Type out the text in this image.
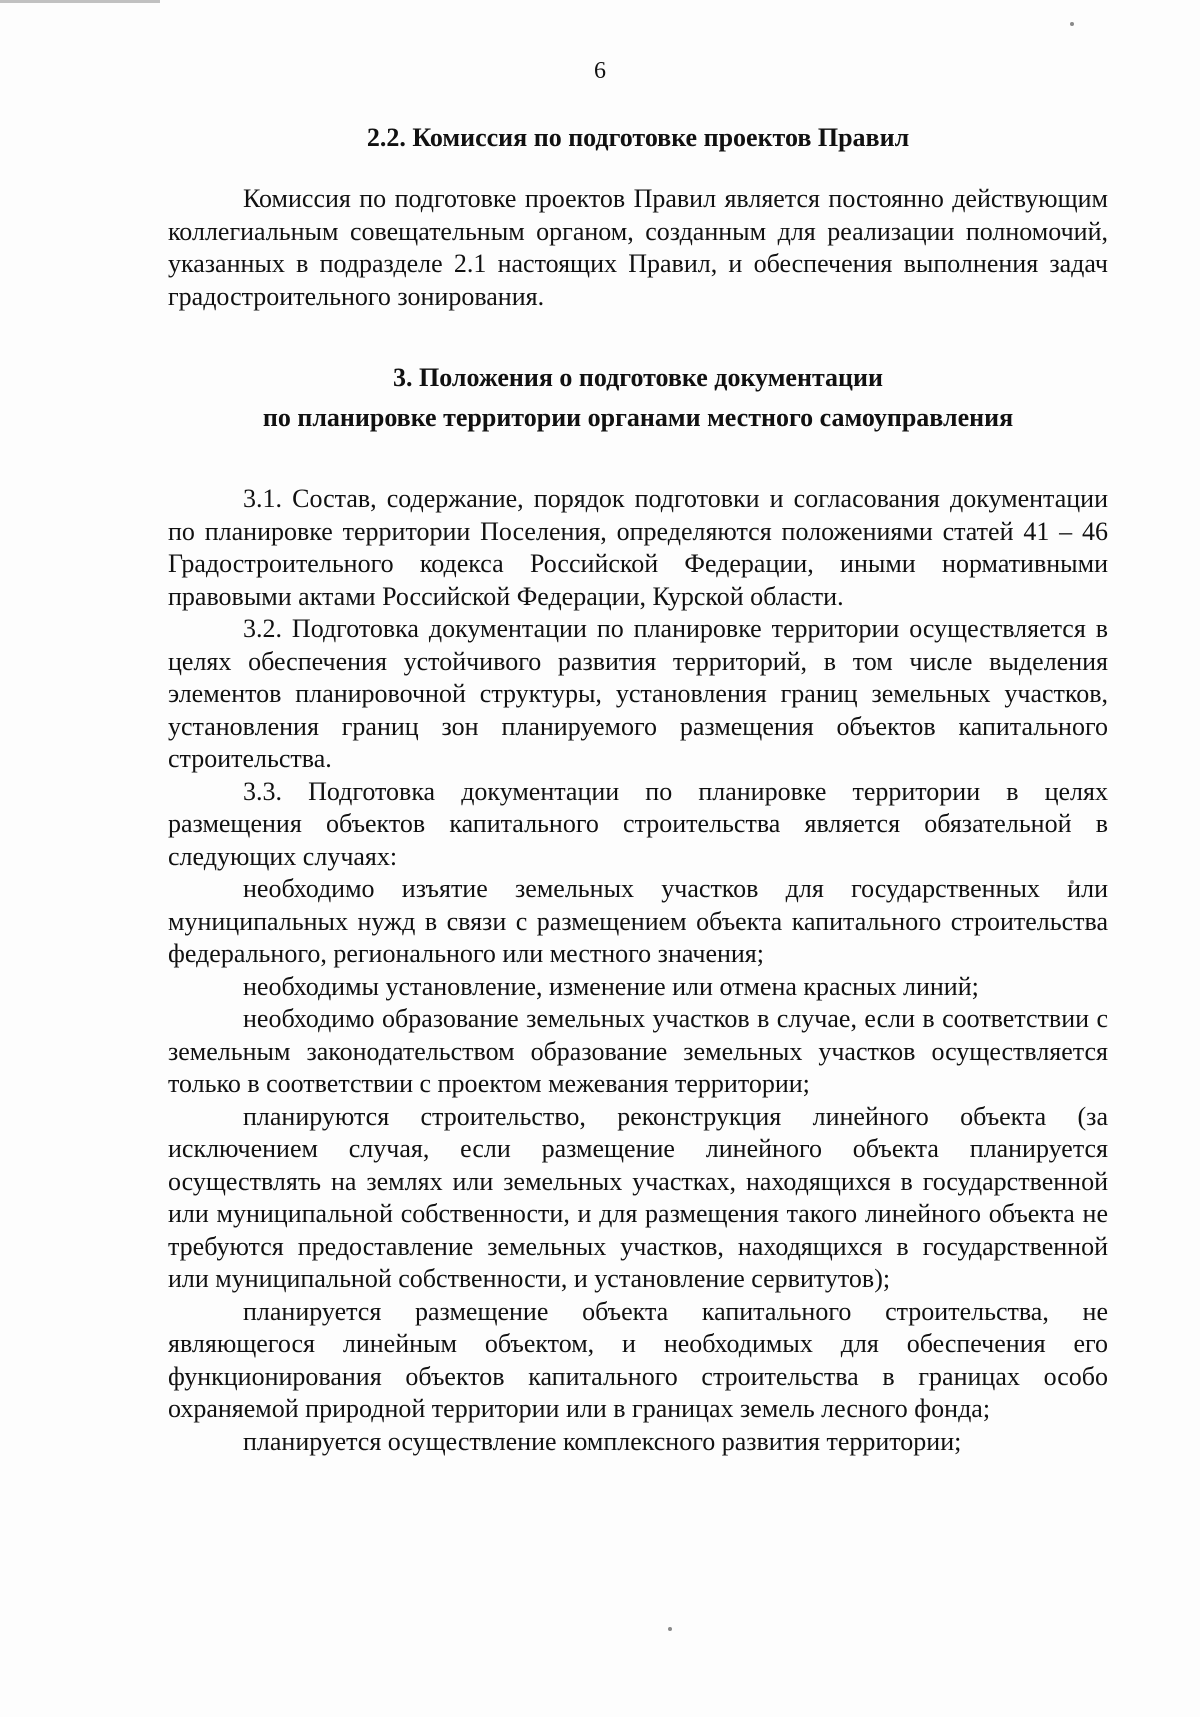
6
2.2. Комиссия по подготовке проектов Правил

Комиссия по подготовке проектов Правил является постоянно действующим коллегиальным совещательным органом, созданным для реализации полномочий, указанных в подразделе 2.1 настоящих Правил, и обеспечения выполнения задач градостроительного зонирования.

3. Положения о подготовке документации
по планировке территории органами местного самоуправления

3.1. Состав, содержание, порядок подготовки и согласования документации по планировке территории Поселения, определяются положениями статей 41 – 46 Градостроительного кодекса Российской Федерации, иными нормативными правовыми актами Российской Федерации, Курской области.

3.2. Подготовка документации по планировке территории осуществляется в целях обеспечения устойчивого развития территорий, в том числе выделения элементов планировочной структуры, установления границ земельных участков, установления границ зон планируемого размещения объектов капитального строительства.

3.3. Подготовка документации по планировке территории в целях размещения объектов капитального строительства является обязательной в следующих случаях:

необходимо изъятие земельных участков для государственных или муниципальных нужд в связи с размещением объекта капитального строительства федерального, регионального или местного значения;

необходимы установление, изменение или отмена красных линий;

необходимо образование земельных участков в случае, если в соответствии с земельным законодательством образование земельных участков осуществляется только в соответствии с проектом межевания территории;

планируются строительство, реконструкция линейного объекта (за исключением случая, если размещение линейного объекта планируется осуществлять на землях или земельных участках, находящихся в государственной или муниципальной собственности, и для размещения такого линейного объекта не требуются предоставление земельных участков, находящихся в государственной или муниципальной собственности, и установление сервитутов);

планируется размещение объекта капитального строительства, не являющегося линейным объектом, и необходимых для обеспечения его функционирования объектов капитального строительства в границах особо охраняемой природной территории или в границах земель лесного фонда;

планируется осуществление комплексного развития территории;
